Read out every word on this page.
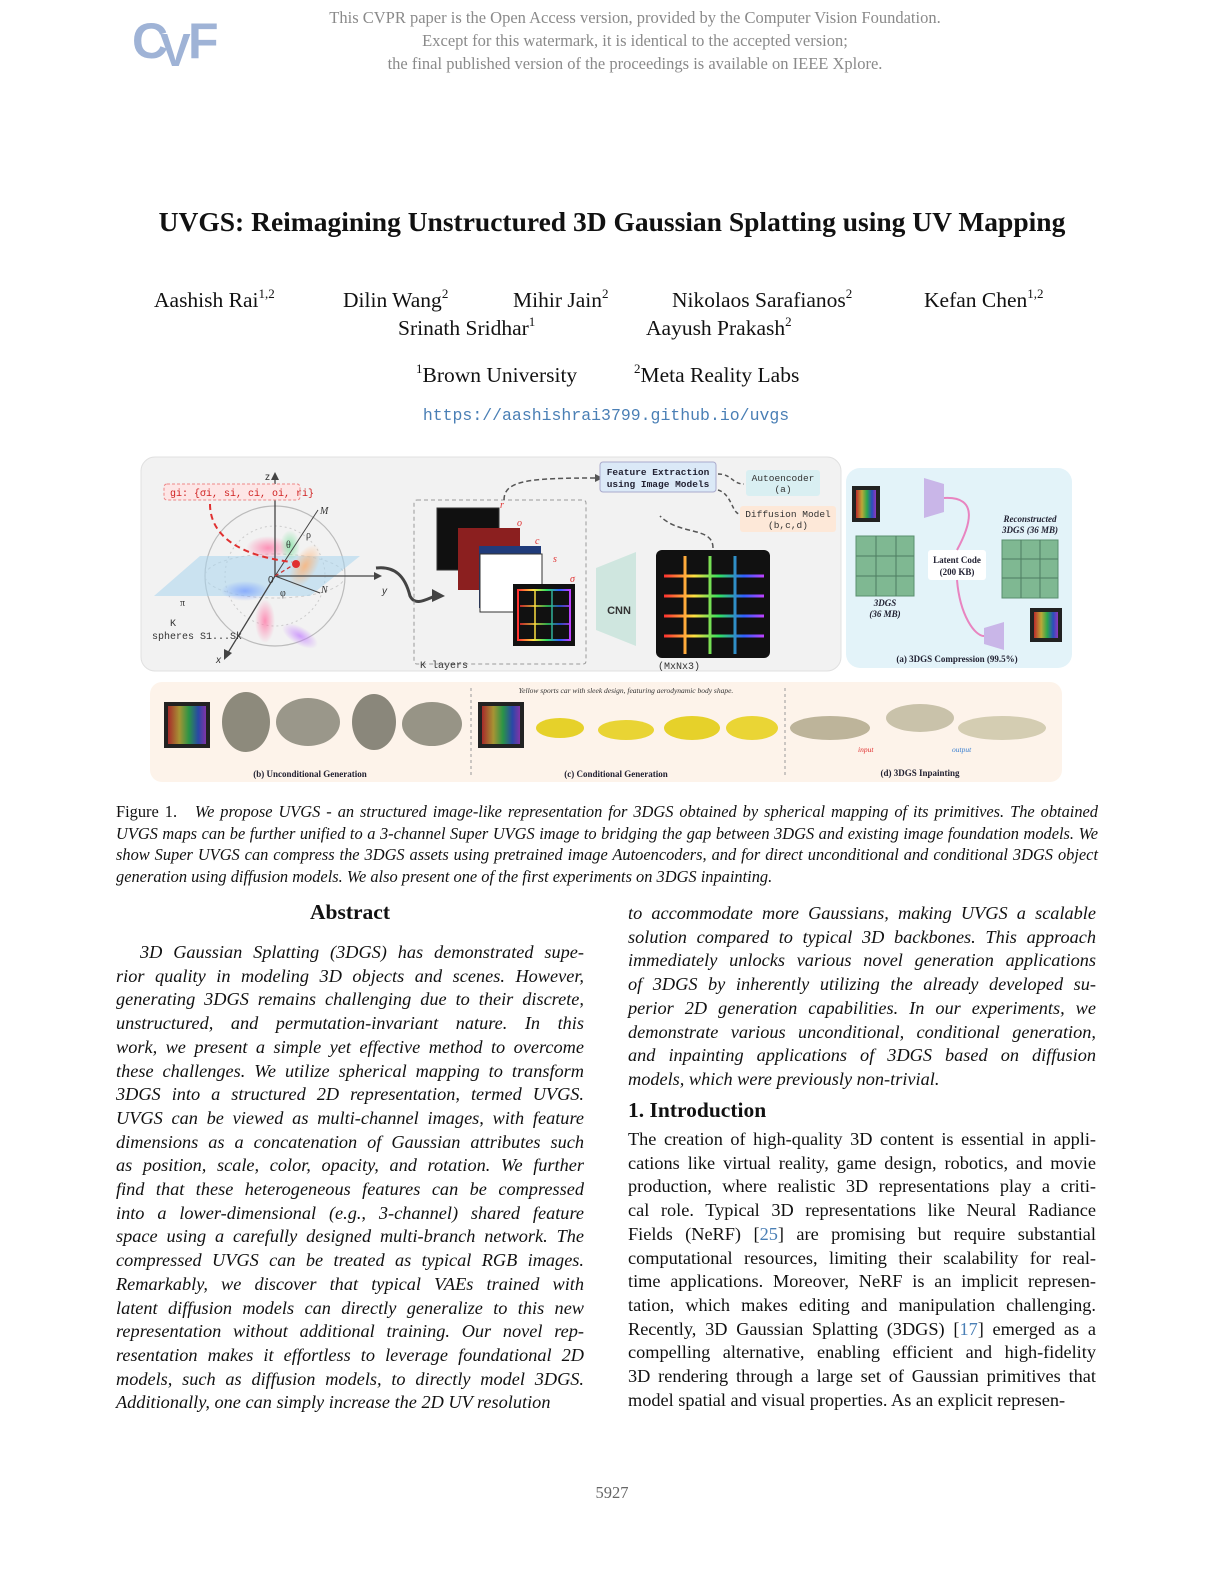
C
V
F	This CVPR paper is the Open Access version, provided by the Computer Vision Foundation.
Except for this watermark, it is identical to the accepted version;
the final published version of the proceedings is available on IEEE Xplore.
UVGS: Reimagining Unstructured 3D Gaussian Splatting using UV Mapping
Aashish Rai$^{1,2}$	Dilin Wang$^2$	Mihir Jain$^2$	Nikolaos Sarafianos$^2$	Kefan Chen$^{1,2}$
Srinath Sridhar$^1$	Aayush Prakash$^2$
$^1$Brown University	$^2$Meta Reality Labs
https://aashishrai3799.github.io/uvgs
z
y
x
M
N
θ
ρ
φ
π
0
K
spheres S1...Sk
gi: {σi, si, ci, oi, ri}
r
o
c
s
σ
K layers
CNN
(MxNx3)
Feature Extraction
using Image Models
Autoencoder
(a)
Diffusion Model
(b,c,d)
3DGS
(36 MB)
Latent Code
(200 KB)
Reconstructed
3DGS (36 MB)
(a) 3DGS Compression (99.5%)
(b) Unconditional Generation
Yellow sports car with sleek design, featuring aerodynamic body shape.
(c) Conditional Generation
input	output
(d) 3DGS Inpainting
Figure 1. We propose UVGS - an structured image-like representation for 3DGS obtained by spherical mapping of its primitives. The obtained UVGS maps can be further unified to a 3-channel Super UVGS image to bridging the gap between 3DGS and existing image foundation models. We show Super UVGS can compress the 3DGS assets using pretrained image Autoencoders, and for direct unconditional and conditional 3DGS object generation using diffusion models. We also present one of the first experiments on 3DGS inpainting.
Abstract
3D Gaussian Splatting (3DGS) has demonstrated supe-
rior quality in modeling 3D objects and scenes. However,
generating 3DGS remains challenging due to their discrete,
unstructured, and permutation-invariant nature. In this
work, we present a simple yet effective method to overcome
these challenges. We utilize spherical mapping to transform
3DGS into a structured 2D representation, termed UVGS.
UVGS can be viewed as multi-channel images, with feature
dimensions as a concatenation of Gaussian attributes such
as position, scale, color, opacity, and rotation. We further
find that these heterogeneous features can be compressed
into a lower-dimensional (e.g., 3-channel) shared feature
space using a carefully designed multi-branch network. The
compressed UVGS can be treated as typical RGB images.
Remarkably, we discover that typical VAEs trained with
latent diffusion models can directly generalize to this new
representation without additional training. Our novel rep-
resentation makes it effortless to leverage foundational 2D
models, such as diffusion models, to directly model 3DGS.
Additionally, one can simply increase the 2D UV resolution
to accommodate more Gaussians, making UVGS a scalable
solution compared to typical 3D backbones. This approach
immediately unlocks various novel generation applications
of 3DGS by inherently utilizing the already developed su-
perior 2D generation capabilities. In our experiments, we
demonstrate various unconditional, conditional generation,
and inpainting applications of 3DGS based on diffusion
models, which were previously non-trivial.
1. Introduction
The creation of high-quality 3D content is essential in appli-
cations like virtual reality, game design, robotics, and movie
production, where realistic 3D representations play a criti-
cal role. Typical 3D representations like Neural Radiance
Fields (NeRF) [25] are promising but require substantial
computational resources, limiting their scalability for real-
time applications. Moreover, NeRF is an implicit represen-
tation, which makes editing and manipulation challenging.
Recently, 3D Gaussian Splatting (3DGS) [17] emerged as a
compelling alternative, enabling efficient and high-fidelity
3D rendering through a large set of Gaussian primitives that
model spatial and visual properties. As an explicit represen-
5927
